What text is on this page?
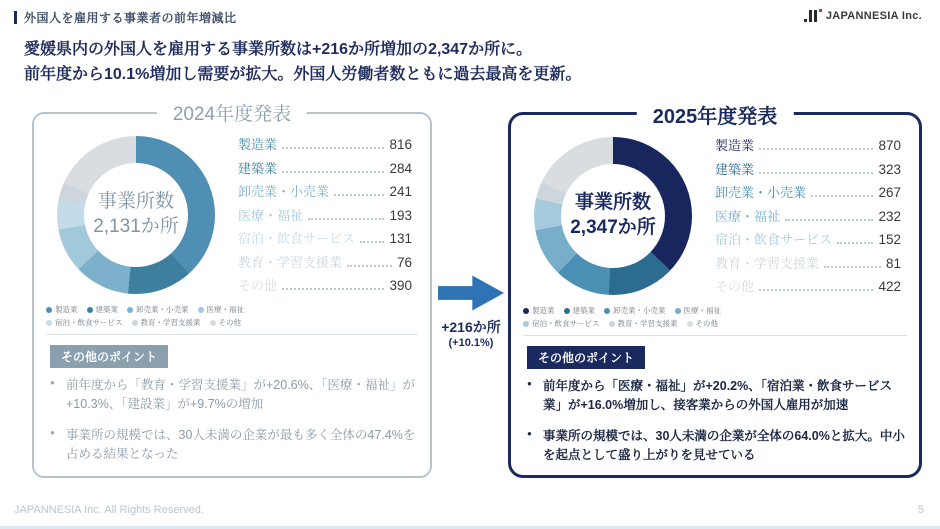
外国人を雇用する事業者の前年増減比	JAPANNESIA Inc.
愛媛県内の外国人を雇用する事業所数は+216か所増加の2,347か所に。
前年度から10.1%増加し需要が拡大。外国人労働者数ともに過去最高を更新。
2024年度発表
事業所数
2,131か所
製造業 建築業 卸売業・小売業 医療・福祉
宿泊・飲食サービス 教育・学習支援業 その他
製造業	816
建築業	284
卸売業・小売業	241
医療・福祉	193
宿泊・飲食サービス	131
教育・学習支援業	76
その他	390
その他のポイント
● 前年度から「教育・学習支援業」が+20.6%、「医療・福祉」が+10.3%、「建設業」が+9.7%の増加
● 事業所の規模では、30人未満の企業が最も多く全体の47.4%を占める結果となった
+216か所
(+10.1%)
2025年度発表
事業所数
2,347か所
製造業 建築業 卸売業・小売業 医療・福祉
宿泊・飲食サービス 教育・学習支援業 その他
製造業	870
建築業	323
卸売業・小売業	267
医療・福祉	232
宿泊・飲食サービス	152
教育・学習支援業	81
その他	422
その他のポイント
● 前年度から「医療・福祉」が+20.2%、「宿泊業・飲食サービス業」が+16.0%増加し、接客業からの外国人雇用が加速
● 事業所の規模では、30人未満の企業が全体の64.0%と拡大。中小を起点として盛り上がりを見せている
JAPANNESIA Inc. All Rights Reserved.	5
